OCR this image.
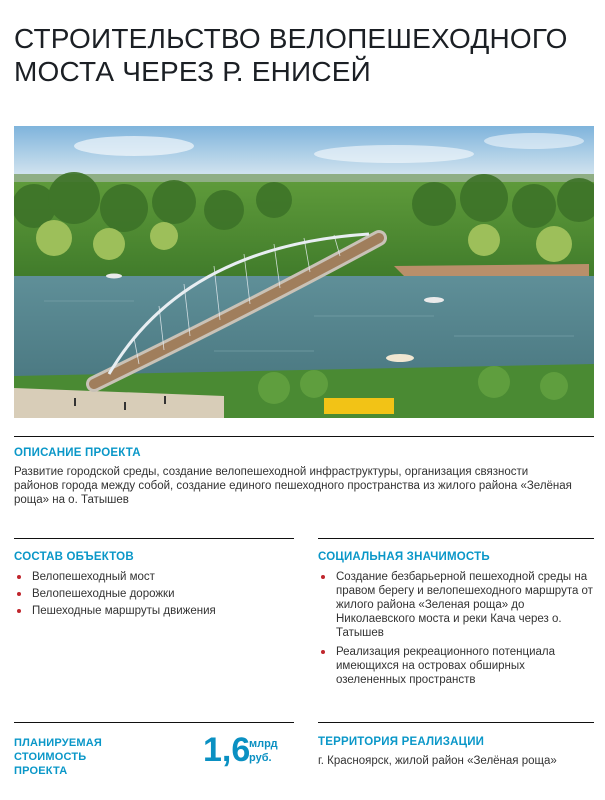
СТРОИТЕЛЬСТВО ВЕЛОПЕШЕХОДНОГО
МОСТА ЧЕРЕЗ Р. ЕНИСЕЙ
ОПИСАНИЕ ПРОЕКТА
Развитие городской среды, создание велопешеходной инфраструктуры, организация связности районов города между собой, создание единого пешеходного пространства из жилого района «Зелёная роща» на о. Татышев
СОСТАВ ОБЪЕКТОВ
Велопешеходный мост
Велопешеходные дорожки
Пешеходные маршруты движения
СОЦИАЛЬНАЯ ЗНАЧИМОСТЬ
Создание безбарьерной пешеходной среды на правом берегу и велопешеходного маршрута от жилого района «Зеленая роща» до Николаевского моста и реки Кача через о. Татышев
Реализация рекреационного потенциала имеющихся на островах обширных озелененных пространств
ПЛАНИРУЕМАЯ
СТОИМОСТЬ
ПРОЕКТА
1,6
млрд
руб.
ТЕРРИТОРИЯ РЕАЛИЗАЦИИ
г. Красноярск, жилой район «Зелёная роща»
